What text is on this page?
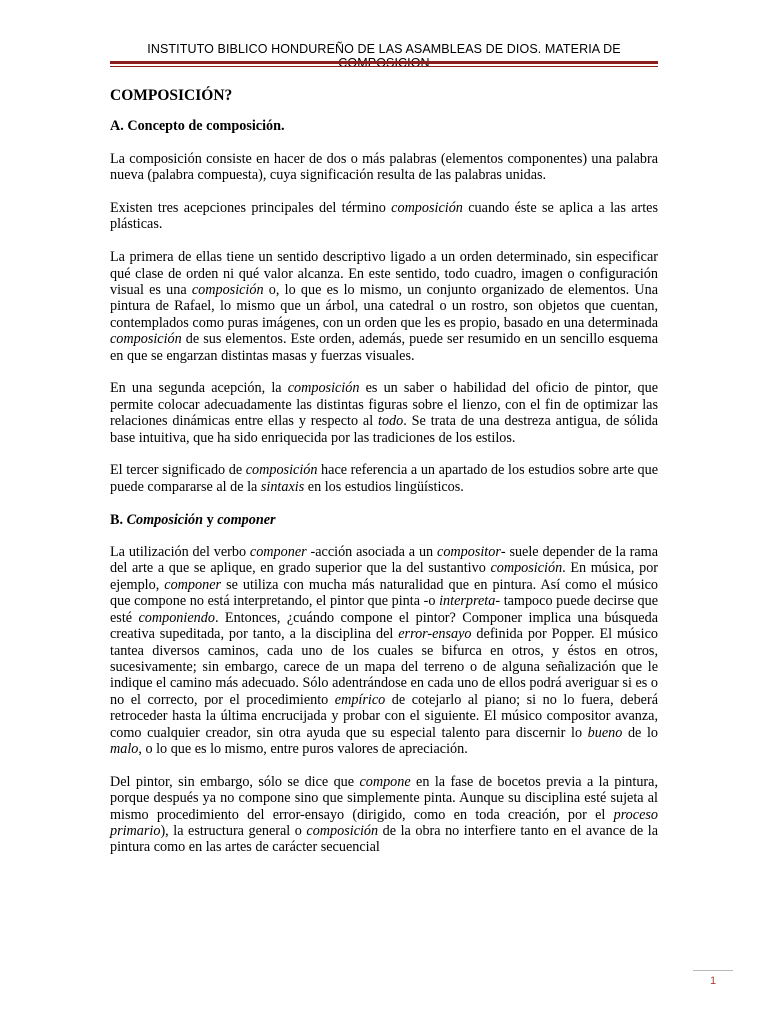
INSTITUTO BIBLICO HONDUREÑO DE LAS ASAMBLEAS DE DIOS. MATERIA DE
COMPOSICIÓN?
A. Concepto de composición.

La composición consiste en hacer de dos o más palabras (elementos componentes) una palabra nueva (palabra compuesta), cuya significación resulta de las palabras unidas.

Existen tres acepciones principales del término composición cuando éste se aplica a las artes plásticas.

La primera de ellas tiene un sentido descriptivo ligado a un orden determinado, sin especificar qué clase de orden ni qué valor alcanza. En este sentido, todo cuadro, imagen o configuración visual es una composición o, lo que es lo mismo, un conjunto organizado de elementos. Una pintura de Rafael, lo mismo que un árbol, una catedral o un rostro, son objetos que cuentan, contemplados como puras imágenes, con un orden que les es propio, basado en una determinada composición de sus elementos. Este orden, además, puede ser resumido en un sencillo esquema en que se engarzan distintas masas y fuerzas visuales.

En una segunda acepción, la composición es un saber o habilidad del oficio de pintor, que permite colocar adecuadamente las distintas figuras sobre el lienzo, con el fin de optimizar las relaciones dinámicas entre ellas y respecto al todo. Se trata de una destreza antigua, de sólida base intuitiva, que ha sido enriquecida por las tradiciones de los estilos.

El tercer significado de composición hace referencia a un apartado de los estudios sobre arte que puede compararse al de la sintaxis en los estudios lingüísticos.

B. Composición y componer

La utilización del verbo componer -acción asociada a un compositor- suele depender de la rama del arte a que se aplique, en grado superior que la del sustantivo composición. En música, por ejemplo, componer se utiliza con mucha más naturalidad que en pintura. Así como el músico que compone no está interpretando, el pintor que pinta -o interpreta- tampoco puede decirse que esté componiendo. Entonces, ¿cuándo compone el pintor? Componer implica una búsqueda creativa supeditada, por tanto, a la disciplina del error-ensayo definida por Popper. El músico tantea diversos caminos, cada uno de los cuales se bifurca en otros, y éstos en otros, sucesivamente; sin embargo, carece de un mapa del terreno o de alguna señalización que le indique el camino más adecuado. Sólo adentrándose en cada uno de ellos podrá averiguar si es o no el correcto, por el procedimiento empírico de cotejarlo al piano; si no lo fuera, deberá retroceder hasta la última encrucijada y probar con el siguiente. El músico compositor avanza, como cualquier creador, sin otra ayuda que su especial talento para discernir lo bueno de lo malo, o lo que es lo mismo, entre puros valores de apreciación.

Del pintor, sin embargo, sólo se dice que compone en la fase de bocetos previa a la pintura, porque después ya no compone sino que simplemente pinta. Aunque su disciplina esté sujeta al mismo procedimiento del error-ensayo (dirigido, como en toda creación, por el proceso primario), la estructura general o composición de la obra no interfiere tanto en el avance de la pintura como en las artes de carácter secuencial

1
